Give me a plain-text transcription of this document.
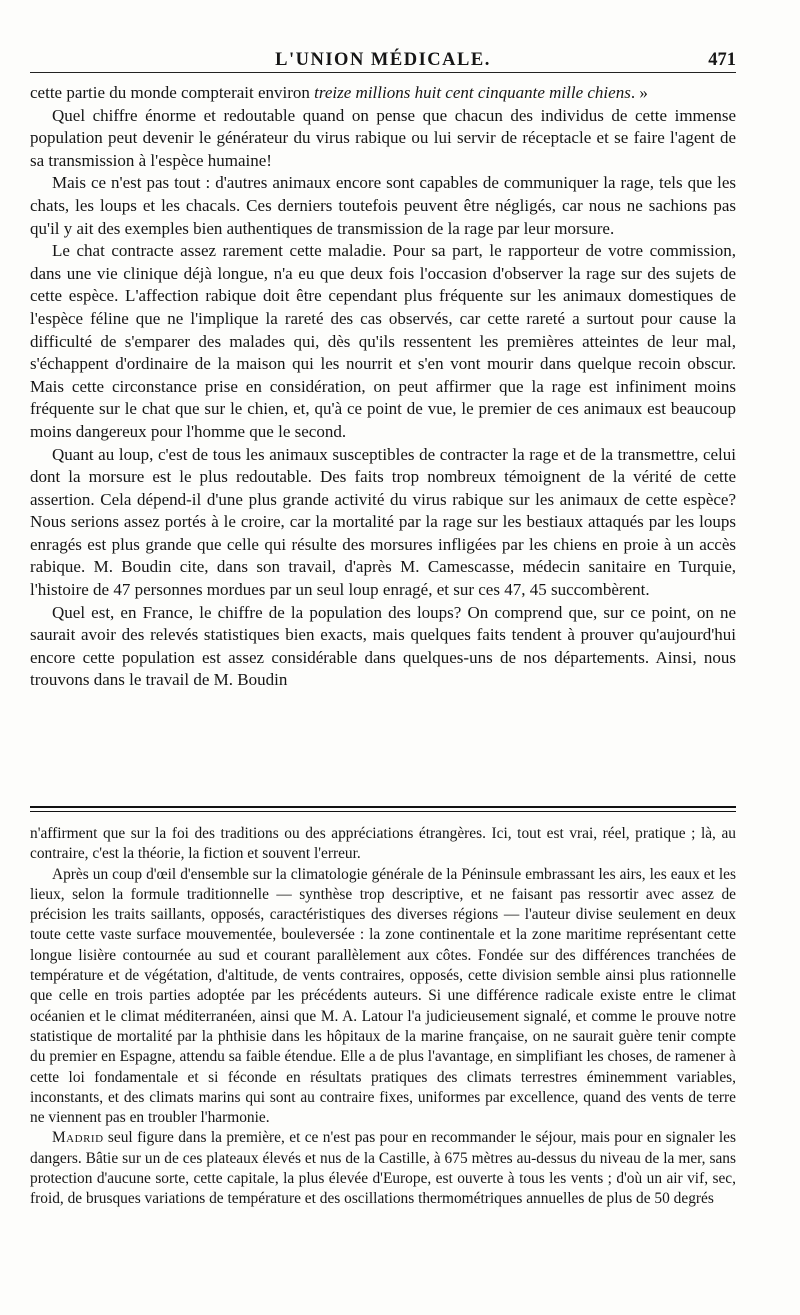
L'UNION MÉDICALE.	471

cette partie du monde compterait environ treize millions huit cent cinquante mille chiens. »

Quel chiffre énorme et redoutable quand on pense que chacun des individus de cette immense population peut devenir le générateur du virus rabique ou lui servir de réceptacle et se faire l'agent de sa transmission à l'espèce humaine!

Mais ce n'est pas tout : d'autres animaux encore sont capables de communiquer la rage, tels que les chats, les loups et les chacals. Ces derniers toutefois peuvent être négligés, car nous ne sachions pas qu'il y ait des exemples bien authentiques de transmission de la rage par leur morsure.

Le chat contracte assez rarement cette maladie. Pour sa part, le rapporteur de votre commission, dans une vie clinique déjà longue, n'a eu que deux fois l'occasion d'observer la rage sur des sujets de cette espèce. L'affection rabique doit être cependant plus fréquente sur les animaux domestiques de l'espèce féline que ne l'implique la rareté des cas observés, car cette rareté a surtout pour cause la difficulté de s'emparer des malades qui, dès qu'ils ressentent les premières atteintes de leur mal, s'échappent d'ordinaire de la maison qui les nourrit et s'en vont mourir dans quelque recoin obscur. Mais cette circonstance prise en considération, on peut affirmer que la rage est infiniment moins fréquente sur le chat que sur le chien, et, qu'à ce point de vue, le premier de ces animaux est beaucoup moins dangereux pour l'homme que le second.

Quant au loup, c'est de tous les animaux susceptibles de contracter la rage et de la transmettre, celui dont la morsure est le plus redoutable. Des faits trop nombreux témoignent de la vérité de cette assertion. Cela dépend-il d'une plus grande activité du virus rabique sur les animaux de cette espèce? Nous serions assez portés à le croire, car la mortalité par la rage sur les bestiaux attaqués par les loups enragés est plus grande que celle qui résulte des morsures infligées par les chiens en proie à un accès rabique. M. Boudin cite, dans son travail, d'après M. Camescasse, médecin sanitaire en Turquie, l'histoire de 47 personnes mordues par un seul loup enragé, et sur ces 47, 45 succombèrent.

Quel est, en France, le chiffre de la population des loups? On comprend que, sur ce point, on ne saurait avoir des relevés statistiques bien exacts, mais quelques faits tendent à prouver qu'aujourd'hui encore cette population est assez considérable dans quelques-uns de nos départements. Ainsi, nous trouvons dans le travail de M. Boudin

n'affirment que sur la foi des traditions ou des appréciations étrangères. Ici, tout est vrai, réel, pratique ; là, au contraire, c'est la théorie, la fiction et souvent l'erreur.

Après un coup d'œil d'ensemble sur la climatologie générale de la Péninsule embrassant les airs, les eaux et les lieux, selon la formule traditionnelle — synthèse trop descriptive, et ne faisant pas ressortir avec assez de précision les traits saillants, opposés, caractéristiques des diverses régions — l'auteur divise seulement en deux toute cette vaste surface mouvementée, bouleversée : la zone continentale et la zone maritime représentant cette longue lisière contournée au sud et courant parallèlement aux côtes. Fondée sur des différences tranchées de température et de végétation, d'altitude, de vents contraires, opposés, cette division semble ainsi plus rationnelle que celle en trois parties adoptée par les précédents auteurs. Si une différence radicale existe entre le climat océanien et le climat méditerranéen, ainsi que M. A. Latour l'a judicieusement signalé, et comme le prouve notre statistique de mortalité par la phthisie dans les hôpitaux de la marine française, on ne saurait guère tenir compte du premier en Espagne, attendu sa faible étendue. Elle a de plus l'avantage, en simplifiant les choses, de ramener à cette loi fondamentale et si féconde en résultats pratiques des climats terrestres éminemment variables, inconstants, et des climats marins qui sont au contraire fixes, uniformes par excellence, quand des vents de terre ne viennent pas en troubler l'harmonie.

Madrid seul figure dans la première, et ce n'est pas pour en recommander le séjour, mais pour en signaler les dangers. Bâtie sur un de ces plateaux élevés et nus de la Castille, à 675 mètres au-dessus du niveau de la mer, sans protection d'aucune sorte, cette capitale, la plus élevée d'Europe, est ouverte à tous les vents ; d'où un air vif, sec, froid, de brusques variations de température et des oscillations thermométriques annuelles de plus de 50 degrés
